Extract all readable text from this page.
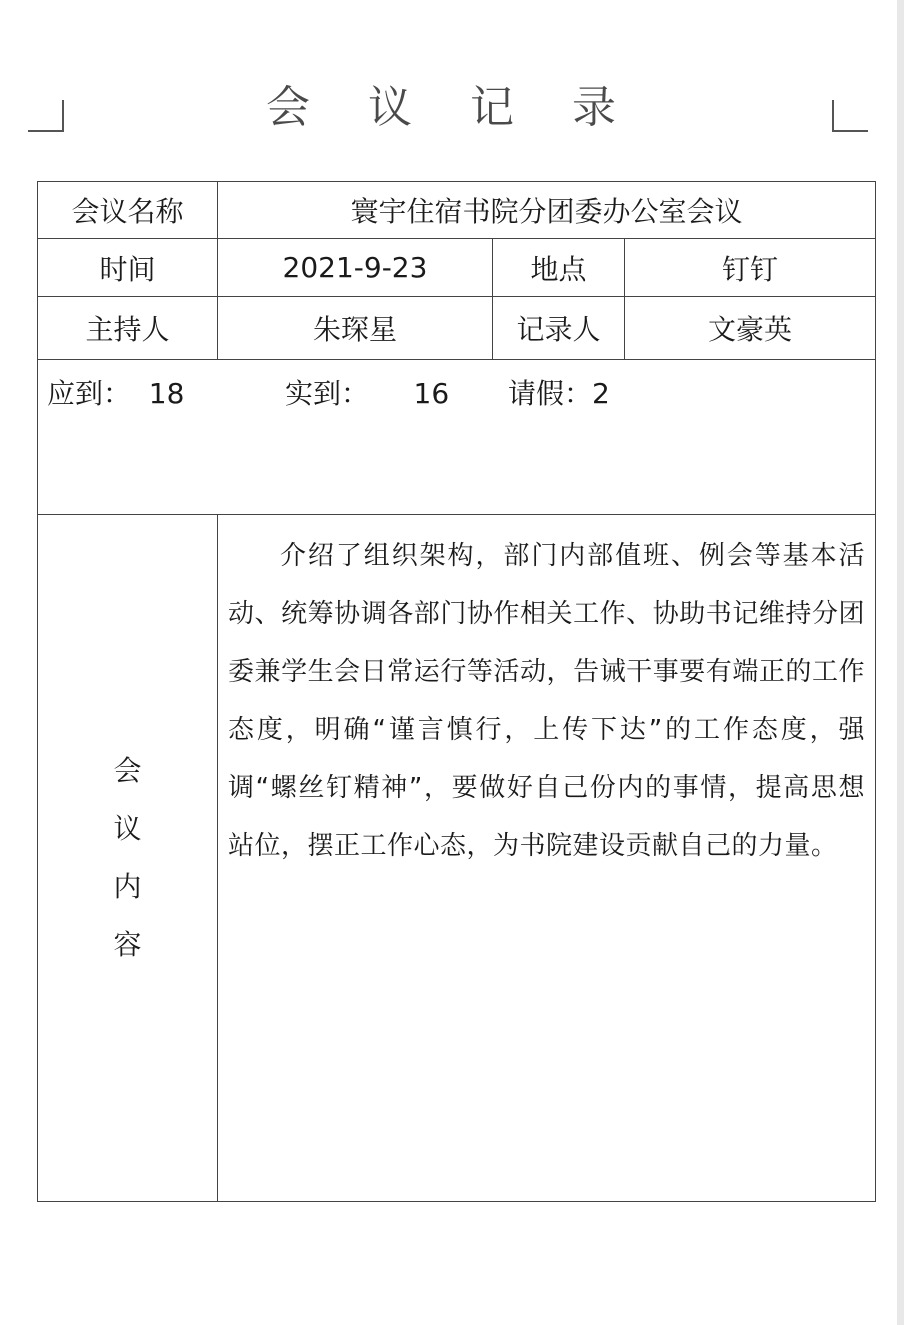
会 议 记 录
会议名称	寰宇住宿书院分团委办公室会议		
时间	2021-9-23	地点	钉钉
主持人	朱琛星	记录人	文豪英

应到：  18 实到：     16 请假：2			

会
议
内
容	介绍了组织架构，部门内部值班、例会等基本活动、统筹协调各部门协作相关工作、协助书记维持分团委兼学生会日常运行等活动，告诫干事要有端正的工作态度，明确“谨言慎行，上传下达”的工作态度，强调“螺丝钉精神”，要做好自己份内的事情，提高思想站位，摆正工作心态，为书院建设贡献自己的力量。		
